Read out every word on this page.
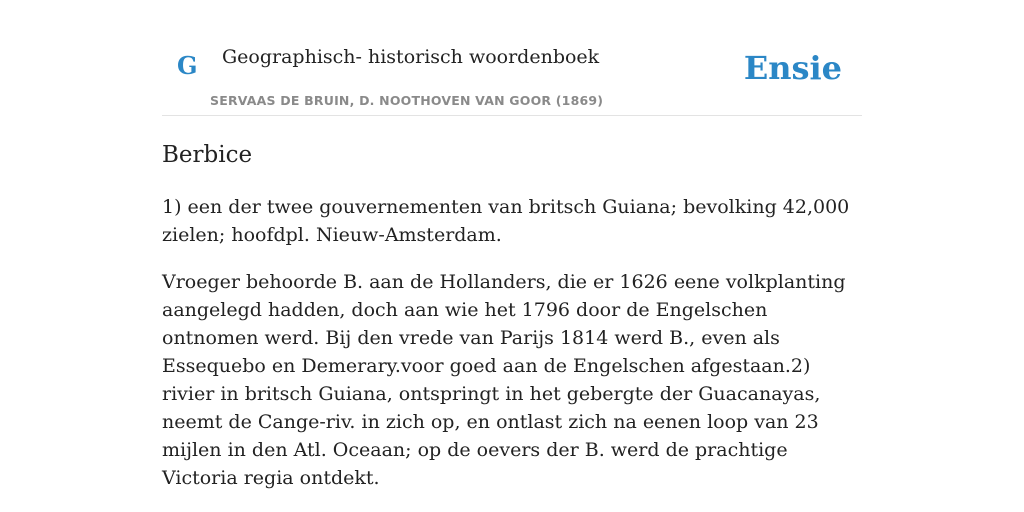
G Geographisch- historisch woordenboek
SERVAAS DE BRUIN, D. NOOTHOVEN VAN GOOR (1869)
Ensie
Berbice

1) een der twee gouvernementen van britsch Guiana; bevolking 42,000 zielen; hoofdpl. Nieuw-Amsterdam.

Vroeger behoorde B. aan de Hollanders, die er 1626 eene volkplanting aangelegd hadden, doch aan wie het 1796 door de Engelschen ontnomen werd. Bij den vrede van Parijs 1814 werd B., even als Essequebo en Demerary.voor goed aan de Engelschen afgestaan.2) rivier in britsch Guiana, ontspringt in het gebergte der Guacanayas, neemt de Cange-riv. in zich op, en ontlast zich na eenen loop van 23 mijlen in den Atl. Oceaan; op de oevers der B. werd de prachtige Victoria regia ontdekt.
